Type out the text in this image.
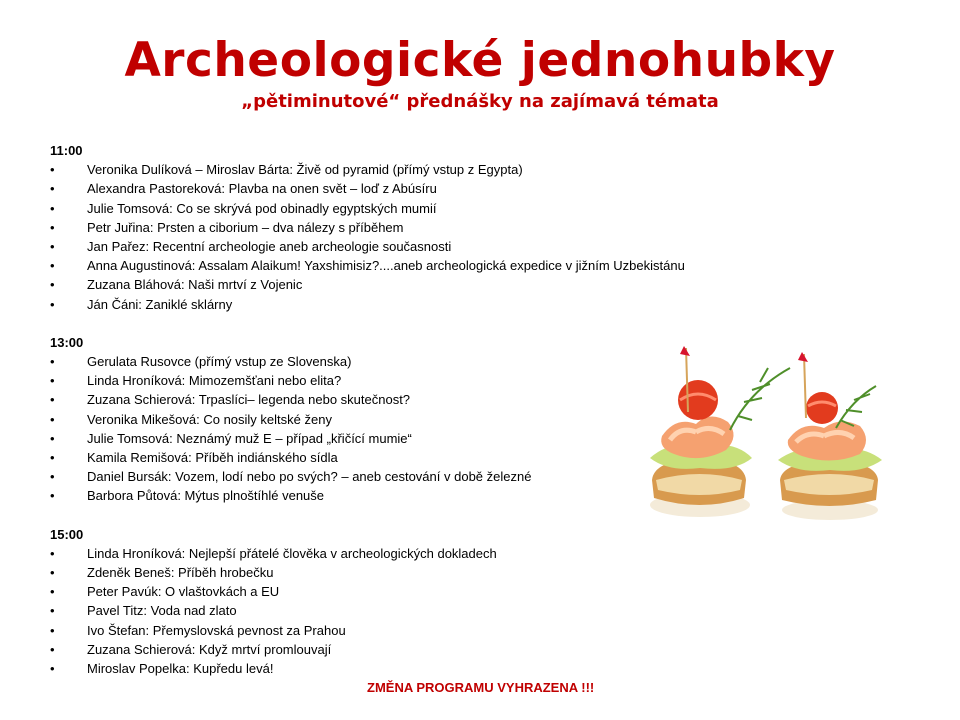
Archeologické jednohubky
„pětiminutové“ přednášky na zajímavá témata

11:00

•	Veronika Dulíková – Miroslav Bárta: Živě od pyramid (přímý vstup z Egypta)
•	Alexandra Pastoreková: Plavba na onen svět – loď z Abúsíru
•	Julie Tomsová: Co se skrývá pod obinadly egyptských mumií
•	Petr Juřina: Prsten a ciborium – dva nálezy s příběhem
•	Jan Pařez: Recentní archeologie aneb archeologie současnosti
•	Anna Augustinová: Assalam Alaikum! Yaxshimisiz?....aneb archeologická expedice v jižním Uzbekistánu
•	Zuzana Bláhová: Naši mrtví z Vojenic
•	Ján Čáni: Zaniklé sklárny

13:00

•	Gerulata Rusovce (přímý vstup ze Slovenska)
•	Linda Hroníková: Mimozemšťani nebo elita?
•	Zuzana Schierová: Trpaslíci– legenda nebo skutečnost?
•	Veronika Mikešová: Co nosily keltské ženy
•	Julie Tomsová: Neznámý muž E – případ „křičící mumie“
•	Kamila Remišová: Příběh indiánského sídla
•	Daniel Bursák: Vozem, lodí nebo po svých? – aneb cestování v době železné
•	Barbora Půtová: Mýtus plnoštíhlé venuše

15:00

•	Linda Hroníková: Nejlepší přátelé člověka v archeologických dokladech
•	Zdeněk Beneš: Příběh hrobečku
•	Peter Pavúk: O vlaštovkách a EU
•	Pavel Titz: Voda nad zlato
•	Ivo Štefan: Přemyslovská pevnost za Prahou
•	Zuzana Schierová: Když mrtví promlouvají
•	Miroslav Popelka: Kupředu levá!

ZMĚNA PROGRAMU VYHRAZENA !!!
